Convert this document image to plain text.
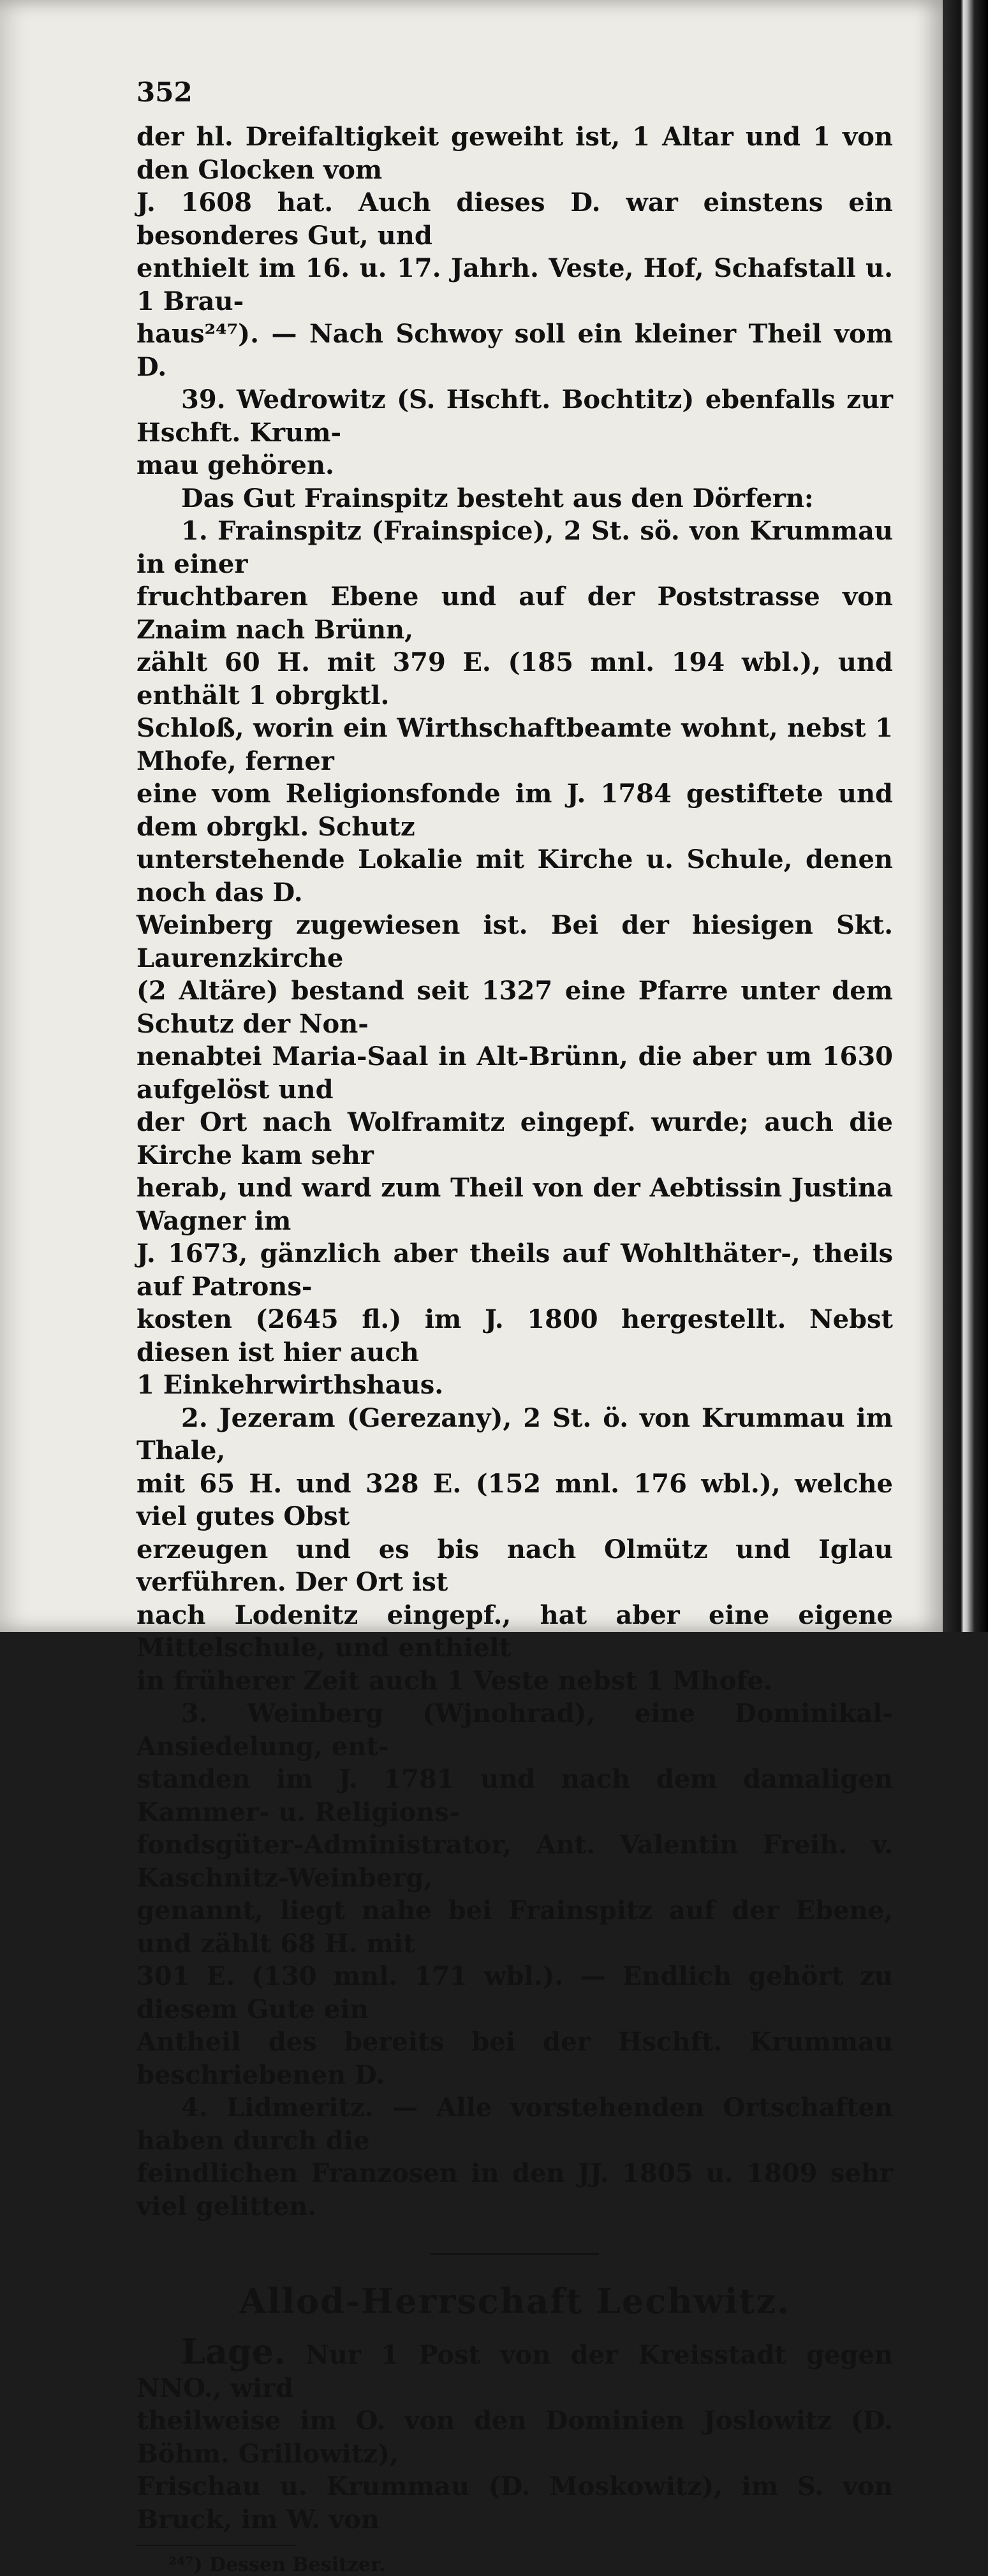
352
der hl. Dreifaltigkeit geweiht ist, 1 Altar und 1 von den Glocken vom
J. 1608 hat. Auch dieses D. war einstens ein besonderes Gut, und
enthielt im 16. u. 17. Jahrh. Veste, Hof, Schafstall u. 1 Brau-
haus²⁴⁷). — Nach Schwoy soll ein kleiner Theil vom D.
39. Wedrowitz (S. Hschft. Bochtitz) ebenfalls zur Hschft. Krum-
mau gehören.
Das Gut Frainspitz besteht aus den Dörfern:
1. Frainspitz (Frainspice), 2 St. sö. von Krummau in einer
fruchtbaren Ebene und auf der Poststrasse von Znaim nach Brünn,
zählt 60 H. mit 379 E. (185 mnl. 194 wbl.), und enthält 1 obrgktl.
Schloß, worin ein Wirthschaftbeamte wohnt, nebst 1 Mhofe, ferner
eine vom Religionsfonde im J. 1784 gestiftete und dem obrgkl. Schutz
unterstehende Lokalie mit Kirche u. Schule, denen noch das D.
Weinberg zugewiesen ist. Bei der hiesigen Skt. Laurenzkirche
(2 Altäre) bestand seit 1327 eine Pfarre unter dem Schutz der Non-
nenabtei Maria-Saal in Alt-Brünn, die aber um 1630 aufgelöst und
der Ort nach Wolframitz eingepf. wurde; auch die Kirche kam sehr
herab, und ward zum Theil von der Aebtissin Justina Wagner im
J. 1673, gänzlich aber theils auf Wohlthäter-, theils auf Patrons-
kosten (2645 fl.) im J. 1800 hergestellt. Nebst diesen ist hier auch
1 Einkehrwirthshaus.
2. Jezeram (Gerezany), 2 St. ö. von Krummau im Thale,
mit 65 H. und 328 E. (152 mnl. 176 wbl.), welche viel gutes Obst
erzeugen und es bis nach Olmütz und Iglau verführen. Der Ort ist
nach Lodenitz eingepf., hat aber eine eigene Mittelschule, und enthielt
in früherer Zeit auch 1 Veste nebst 1 Mhofe.
3. Weinberg (Wjnohrad), eine Dominikal-Ansiedelung, ent-
standen im J. 1781 und nach dem damaligen Kammer- u. Religions-
fondsgüter-Administrator, Ant. Valentin Freih. v. Kaschnitz-Weinberg,
genannt, liegt nahe bei Frainspitz auf der Ebene, und zählt 68 H. mit
301 E. (130 mnl. 171 wbl.). — Endlich gehört zu diesem Gute ein
Antheil des bereits bei der Hschft. Krummau beschriebenen D.
4. Lidmeritz. — Alle vorstehenden Ortschaften haben durch die
feindlichen Franzosen in den JJ. 1805 u. 1809 sehr viel gelitten.
Allod-Herrschaft Lechwitz.
Lage. Nur 1 Post von der Kreisstadt gegen NNO., wird
theilweise im O. von den Dominien Joslowitz (D. Böhm. Grillowitz),
Frischau u. Krummau (D. Moskowitz), im S. von Bruck, im W. von
²⁴⁷) Dessen Besitzer.
